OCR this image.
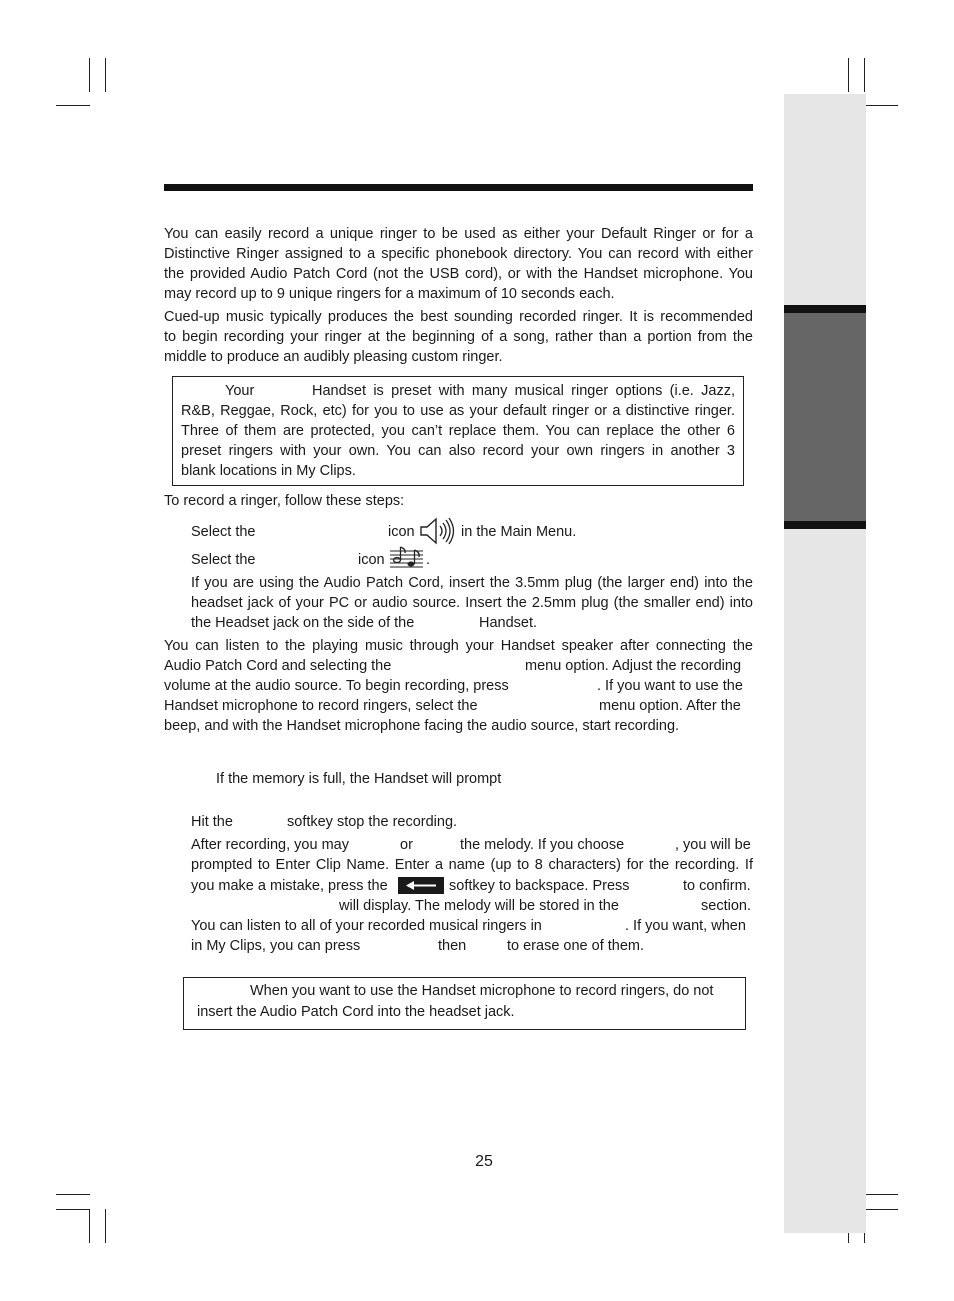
You can easily record a unique ringer to be used as either your Default Ringer or for a
Distinctive Ringer assigned to a specific phonebook directory. You can record with either
the provided Audio Patch Cord (not the USB cord), or with the Handset microphone. You
may record up to 9 unique ringers for a maximum of 10 seconds each.
Cued-up music typically produces the best sounding recorded ringer. It is recommended
to begin recording your ringer at the beginning of a song, rather than a portion from the
middle to produce an audibly pleasing custom ringer.
Your	Handset is preset with many musical ringer options (i.e. Jazz,
R&B, Reggae, Rock, etc) for you to use as your default ringer or a distinctive ringer.
Three of them are protected, you can’t replace them. You can replace the other 6
preset ringers with your own. You can also record your own ringers in another 3
blank locations in My Clips.
To record a ringer, follow these steps:
Select the	icon	in the Main Menu.
Select the	icon	.
If you are using the Audio Patch Cord, insert the 3.5mm plug (the larger end) into the
headset jack of your PC or audio source. Insert the 2.5mm plug (the smaller end) into
the Headset jack on the side of the	Handset.
You can listen to the playing music through your Handset speaker after connecting the
Audio Patch Cord and selecting the	menu option. Adjust the recording
volume at the audio source. To begin recording, press	. If you want to use the
Handset microphone to record ringers, select the	menu option. After the
beep, and with the Handset microphone facing the audio source, start recording.
If the memory is full, the Handset will prompt
Hit the	softkey stop the recording.
After recording, you may	or	the melody. If you choose	, you will be
prompted to Enter Clip Name. Enter a name (up to 8 characters) for the recording. If
you make a mistake, press the	softkey to backspace. Press	to confirm.
will display. The melody will be stored in the	section.
You can listen to all of your recorded musical ringers in	. If you want, when
in My Clips, you can press	then	to erase one of them.
When you want to use the Handset microphone to record ringers, do not
insert the Audio Patch Cord into the headset jack.
25
